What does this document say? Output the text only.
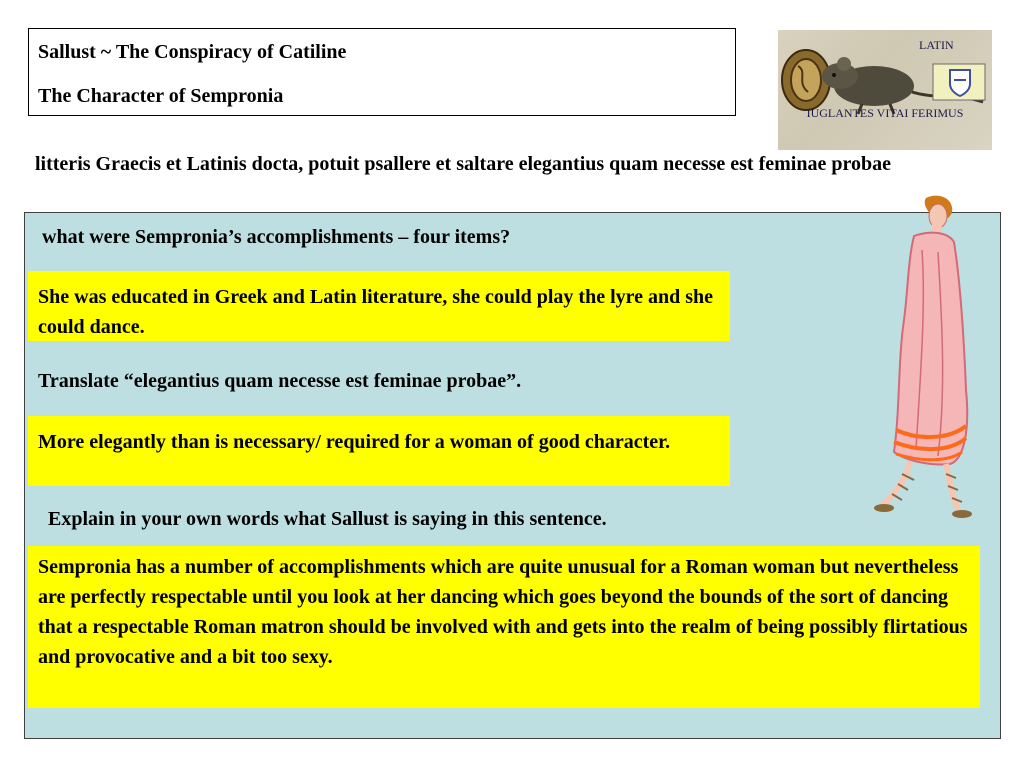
Sallust ~ The Conspiracy of Catiline
The Character of Sempronia
LATIN
IUGLANTES VITAI FERIMUS
litteris Graecis et Latinis docta, potuit psallere et saltare elegantius quam necesse est feminae probae
what were Sempronia’s accomplishments – four items?
She was educated in Greek and Latin literature, she could play the lyre and she could dance.
Translate “elegantius quam necesse est feminae probae”.
More elegantly than is necessary/ required for a woman of good character.
Explain in your own words what Sallust is saying in this sentence.
Sempronia has a number of accomplishments which are quite unusual for a Roman woman but nevertheless are perfectly respectable until you look at her dancing which goes beyond the bounds of the sort of dancing that a respectable Roman matron should be involved with and gets into the realm of being possibly flirtatious and provocative and a bit too sexy.
